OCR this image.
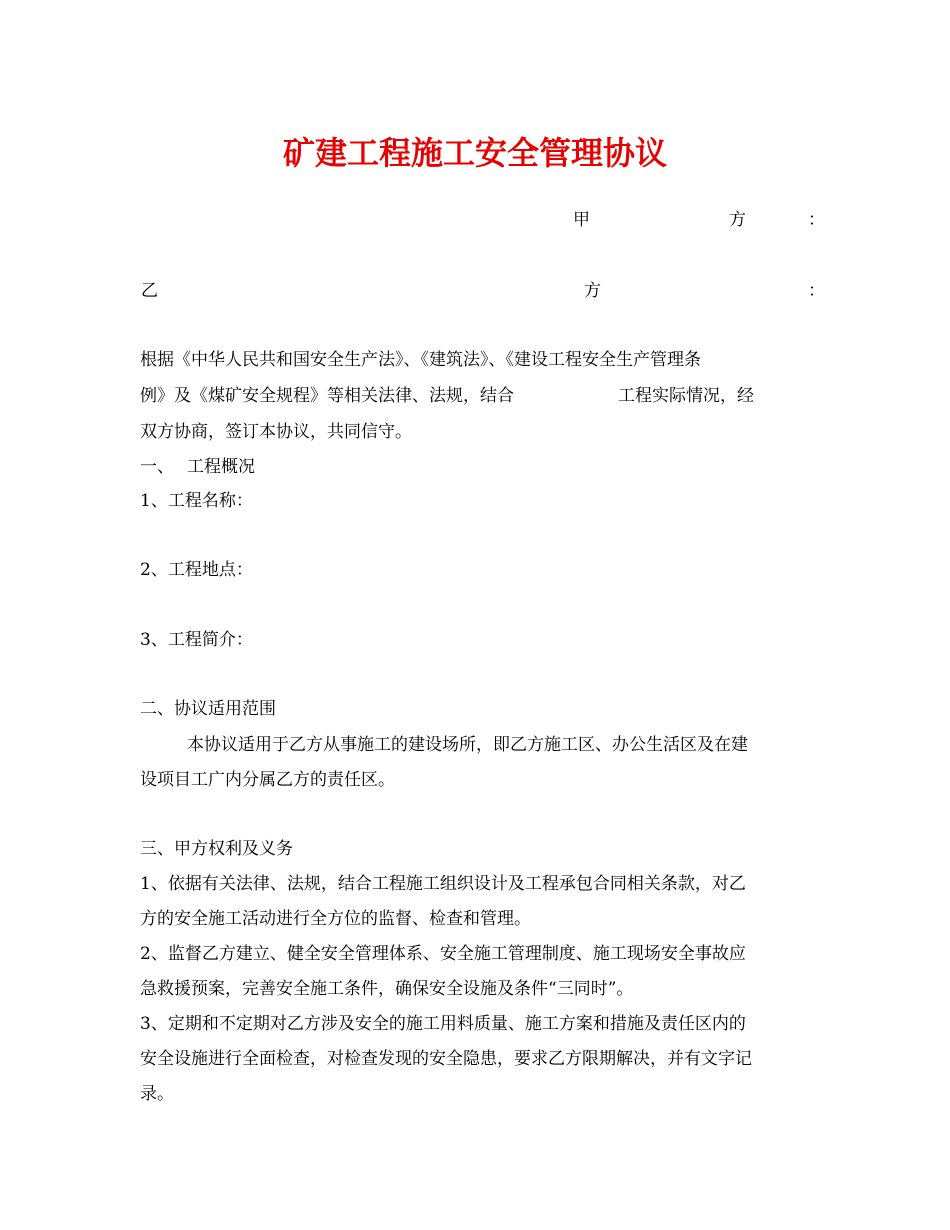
矿建工程施工安全管理协议
甲	方	：
乙	方	：
根据《中华人民共和国安全生产法》、《建筑法》、《建设工程安全生产管理条
例》及《煤矿安全规程》等相关法律、法规，结合	工程实际情况，经
双方协商，签订本协议，共同信守。
一、 工程概况
1、工程名称：
2、工程地点：
3、工程简介：
二、协议适用范围
本协议适用于乙方从事施工的建设场所，即乙方施工区、办公生活区及在建
设项目工广内分属乙方的责任区。
三、甲方权利及义务
1、依据有关法律、法规，结合工程施工组织设计及工程承包合同相关条款，对乙
方的安全施工活动进行全方位的监督、检查和管理。
2、监督乙方建立、健全安全管理体系、安全施工管理制度、施工现场安全事故应
急救援预案，完善安全施工条件，确保安全设施及条件“三同时”。
3、定期和不定期对乙方涉及安全的施工用料质量、施工方案和措施及责任区内的
安全设施进行全面检查，对检查发现的安全隐患，要求乙方限期解决，并有文字记
录。
